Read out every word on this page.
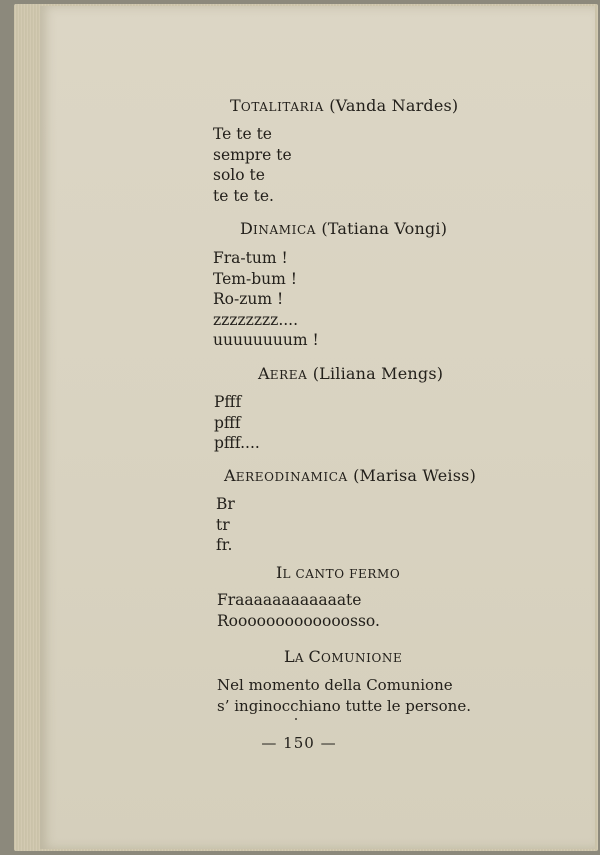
TOTALITARIA (Vanda Nardes)
Te te te
sempre te
solo te
te te te.
DINAMICA (Tatiana Vongi)
Fra-tum !
Tem-bum !
Ro-zum !
zzzzzzzz....
uuuuuuuum !
AEREA (Liliana Mengs)
Pfff
pfff
pfff....
AEREODINAMICA (Marisa Weiss)
Br
tr
fr.
IL CANTO FERMO
Fraaaaaaaaaaaate
Rooooooooooooosso.
LA COMUNIONE
Nel momento della Comunione
s’ inginocchiano tutte le persone.
— 150 —
